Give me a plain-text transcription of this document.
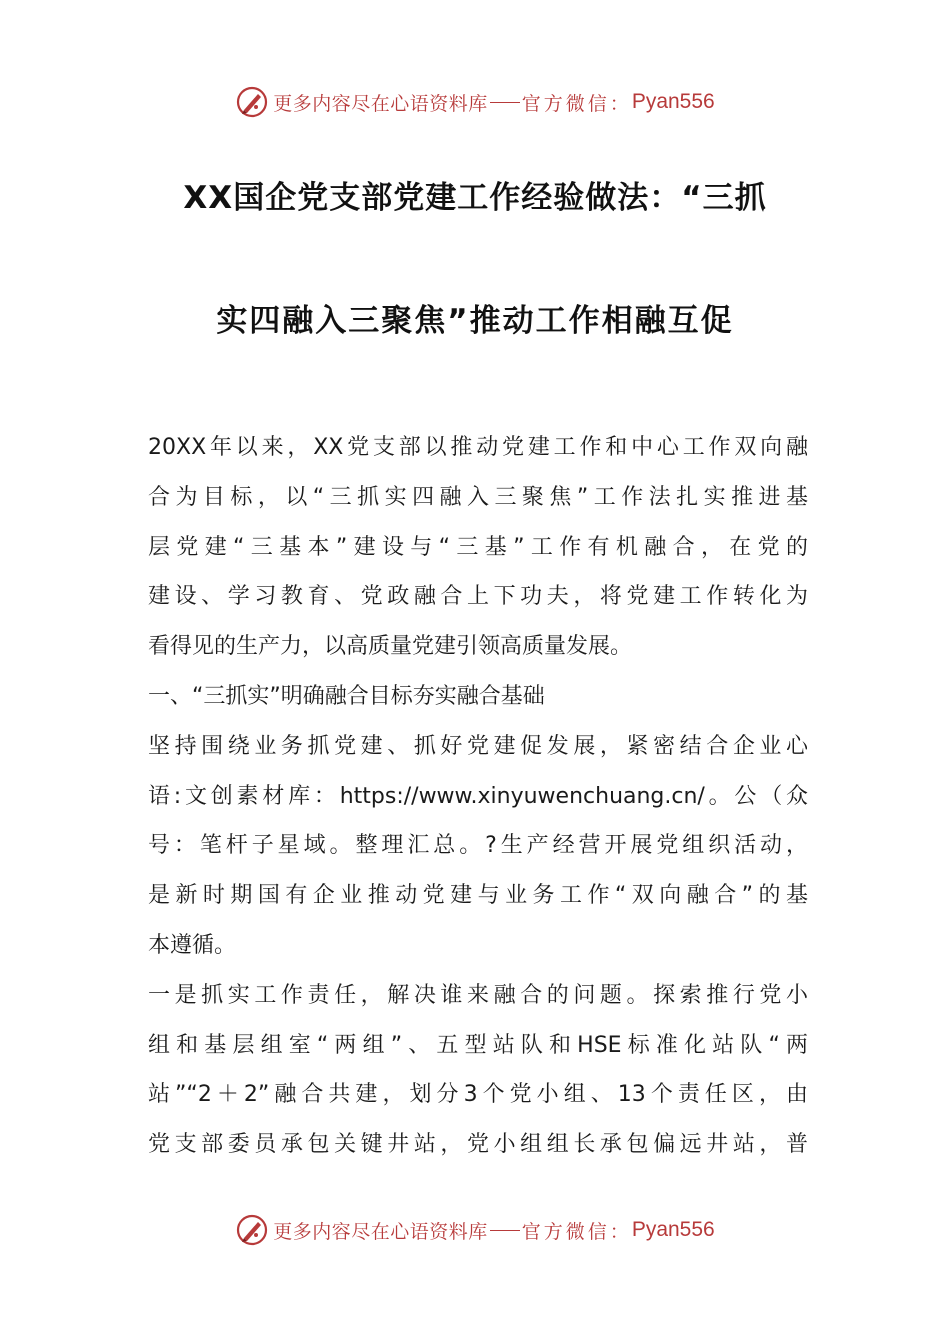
更多内容尽在心语资料库 官方微信： Pyan556
XX国企党支部党建工作经验做法：“三抓
实四融入三聚焦”推动工作相融互促
20XX年以来，XX党支部以推动党建工作和中心工作双向融
合为目标，以“三抓实四融入三聚焦”工作法扎实推进基
层党建“三基本”建设与“三基”工作有机融合，在党的
建设、学习教育、党政融合上下功夫，将党建工作转化为
看得见的生产力，以高质量党建引领高质量发展。
一、“三抓实”明确融合目标夯实融合基础
坚持围绕业务抓党建、抓好党建促发展，紧密结合企业心
语:文创素材库：https://www.xinyuwenchuang.cn/。公（众
号：笔杆子星域。整理汇总。?生产经营开展党组织活动，
是新时期国有企业推动党建与业务工作“双向融合”的基
本遵循。
一是抓实工作责任，解决谁来融合的问题。探索推行党小
组和基层组室“两组”、五型站队和HSE标准化站队“两
站”“2＋2”融合共建，划分3个党小组、13个责任区，由
党支部委员承包关键井站，党小组组长承包偏远井站，普
更多内容尽在心语资料库 官方微信： Pyan556
